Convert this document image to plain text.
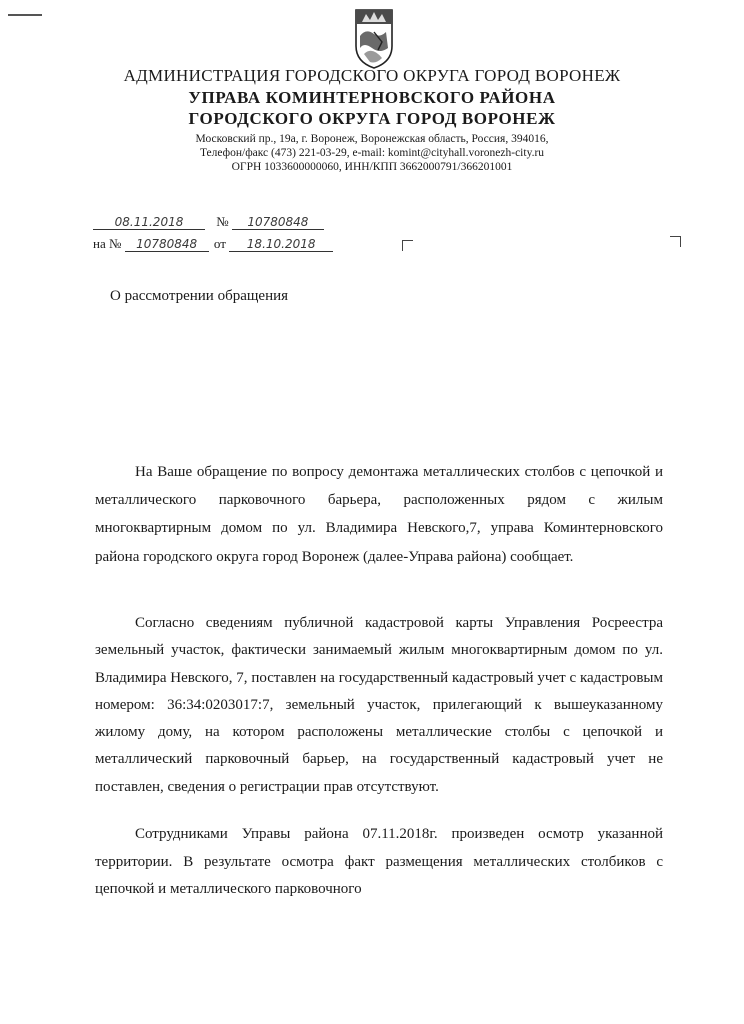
АДМИНИСТРАЦИЯ ГОРОДСКОГО ОКРУГА ГОРОД ВОРОНЕЖ
УПРАВА КОМИНТЕРНОВСКОГО РАЙОНА
ГОРОДСКОГО ОКРУГА ГОРОД ВОРОНЕЖ
Московский пр., 19а, г. Воронеж, Воронежская область, Россия, 394016,
Телефон/факс (473) 221-03-29, e-mail: komint@cityhall.voronezh-city.ru
ОГРН 1033600000060, ИНН/КПП 3662000791/366201001
08.11.2018	№ 10780848
на № 10780848 от 18.10.2018
О рассмотрении обращения

На Ваше обращение по вопросу демонтажа металлических столбов с цепочкой и металлического парковочного барьера, расположенных рядом с жилым многоквартирным домом по ул. Владимира Невского,7, управа Коминтерновского района городского округа город Воронеж (далее-Управа района) сообщает.

Согласно сведениям публичной кадастровой карты Управления Росреестра земельный участок, фактически занимаемый жилым многоквартирным домом по ул. Владимира Невского, 7, поставлен на государственный кадастровый учет с кадастровым номером: 36:34:0203017:7, земельный участок, прилегающий к вышеуказанному жилому дому, на котором расположены металлические столбы с цепочкой и металлический парковочный барьер, на государственный кадастровый учет не поставлен, сведения о регистрации прав отсутствуют.

Сотрудниками Управы района 07.11.2018г. произведен осмотр указанной территории. В результате осмотра факт размещения металлических столбиков с цепочкой и металлического парковочного
